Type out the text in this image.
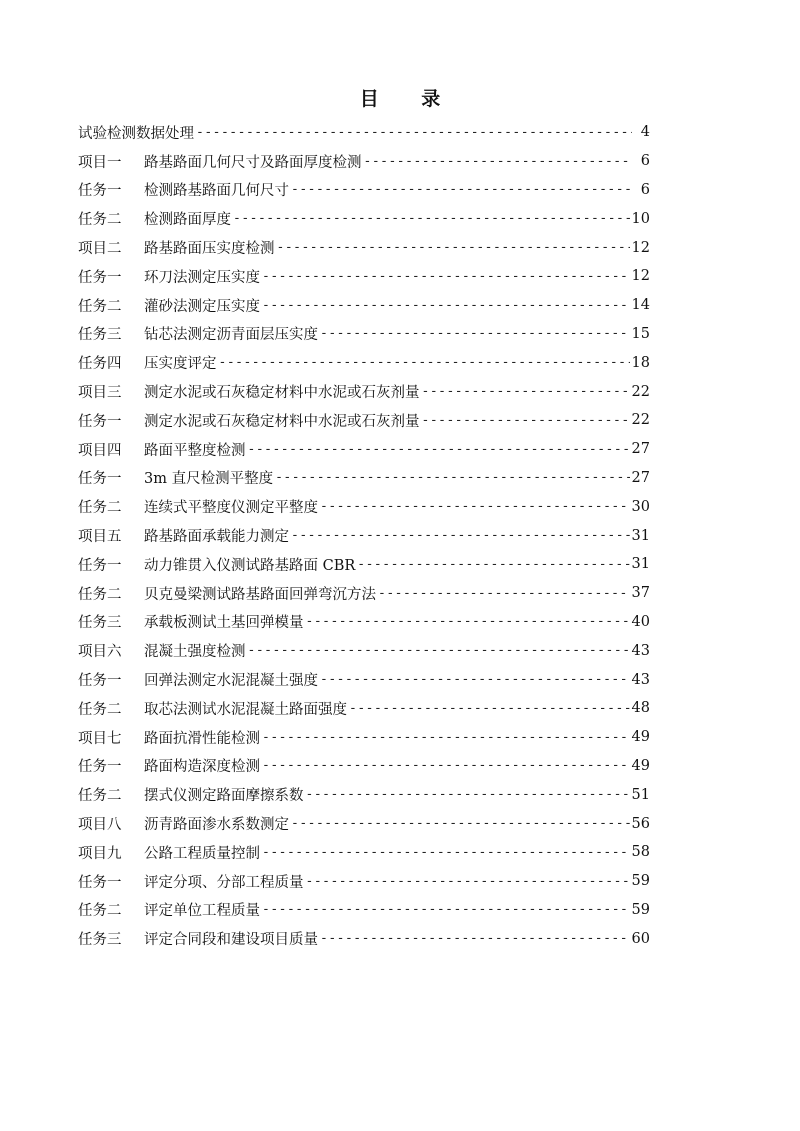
目 录
试验检测数据处理 -----	4
项目一	路基路面几何尺寸及路面厚度检测 -----	6
任务一	检测路基路面几何尺寸 -----	6
任务二	检测路面厚度 -----	10
项目二	路基路面压实度检测 -----	12
任务一	环刀法测定压实度 -----	12
任务二	灌砂法测定压实度 -----	14
任务三	钻芯法测定沥青面层压实度 -----	15
任务四	压实度评定 -----	18
项目三	测定水泥或石灰稳定材料中水泥或石灰剂量 -----	22
任务一	测定水泥或石灰稳定材料中水泥或石灰剂量 -----	22
项目四	路面平整度检测 -----	27
任务一	3m 直尺检测平整度 -----	27
任务二	连续式平整度仪测定平整度 -----	30
项目五	路基路面承载能力测定 -----	31
任务一	动力锥贯入仪测试路基路面 CBR -----	31
任务二	贝克曼梁测试路基路面回弹弯沉方法 -----	37
任务三	承载板测试土基回弹模量 -----	40
项目六	混凝土强度检测 -----	43
任务一	回弹法测定水泥混凝土强度 -----	43
任务二	取芯法测试水泥混凝土路面强度 -----	48
项目七	路面抗滑性能检测 -----	49
任务一	路面构造深度检测 -----	49
任务二	摆式仪测定路面摩擦系数 -----	51
项目八	沥青路面渗水系数测定 -----	56
项目九	公路工程质量控制 -----	58
任务一	评定分项、分部工程质量 -----	59
任务二	评定单位工程质量 -----	59
任务三	评定合同段和建设项目质量 -----	60
